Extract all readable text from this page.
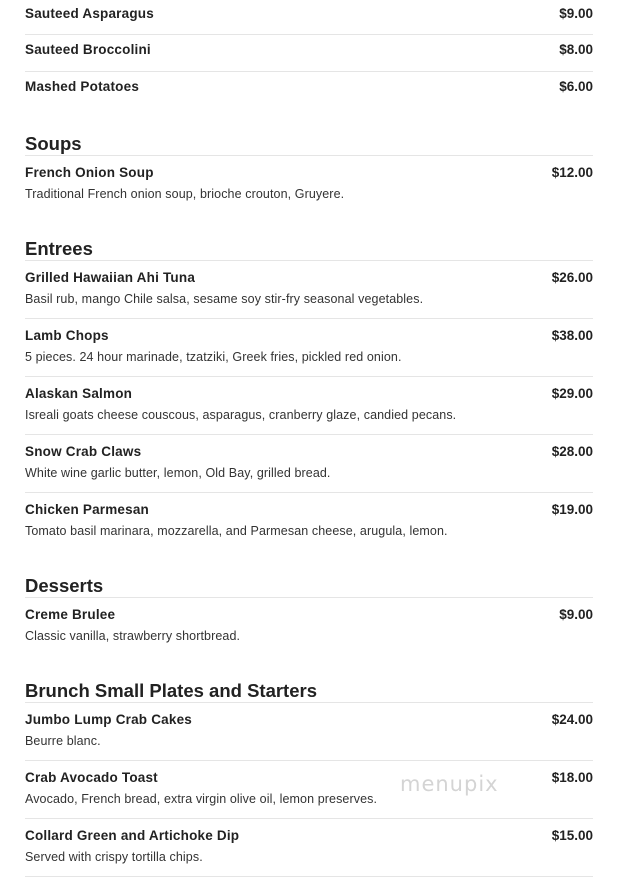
Sauteed Asparagus	$9.00
Sauteed Broccolini	$8.00
Mashed Potatoes	$6.00
Soups
French Onion Soup	$12.00
Traditional French onion soup, brioche crouton, Gruyere.
Entrees
Grilled Hawaiian Ahi Tuna	$26.00
Basil rub, mango Chile salsa, sesame soy stir-fry seasonal vegetables.
Lamb Chops	$38.00
5 pieces. 24 hour marinade, tzatziki, Greek fries, pickled red onion.
Alaskan Salmon	$29.00
Isreali goats cheese couscous, asparagus, cranberry glaze, candied pecans.
Snow Crab Claws	$28.00
White wine garlic butter, lemon, Old Bay, grilled bread.
Chicken Parmesan	$19.00
Tomato basil marinara, mozzarella, and Parmesan cheese, arugula, lemon.
Desserts
Creme Brulee	$9.00
Classic vanilla, strawberry shortbread.
Brunch Small Plates and Starters
Jumbo Lump Crab Cakes	$24.00
Beurre blanc.
Crab Avocado Toast	$18.00
Avocado, French bread, extra virgin olive oil, lemon preserves.
Collard Green and Artichoke Dip	$15.00
Served with crispy tortilla chips.
menupix
